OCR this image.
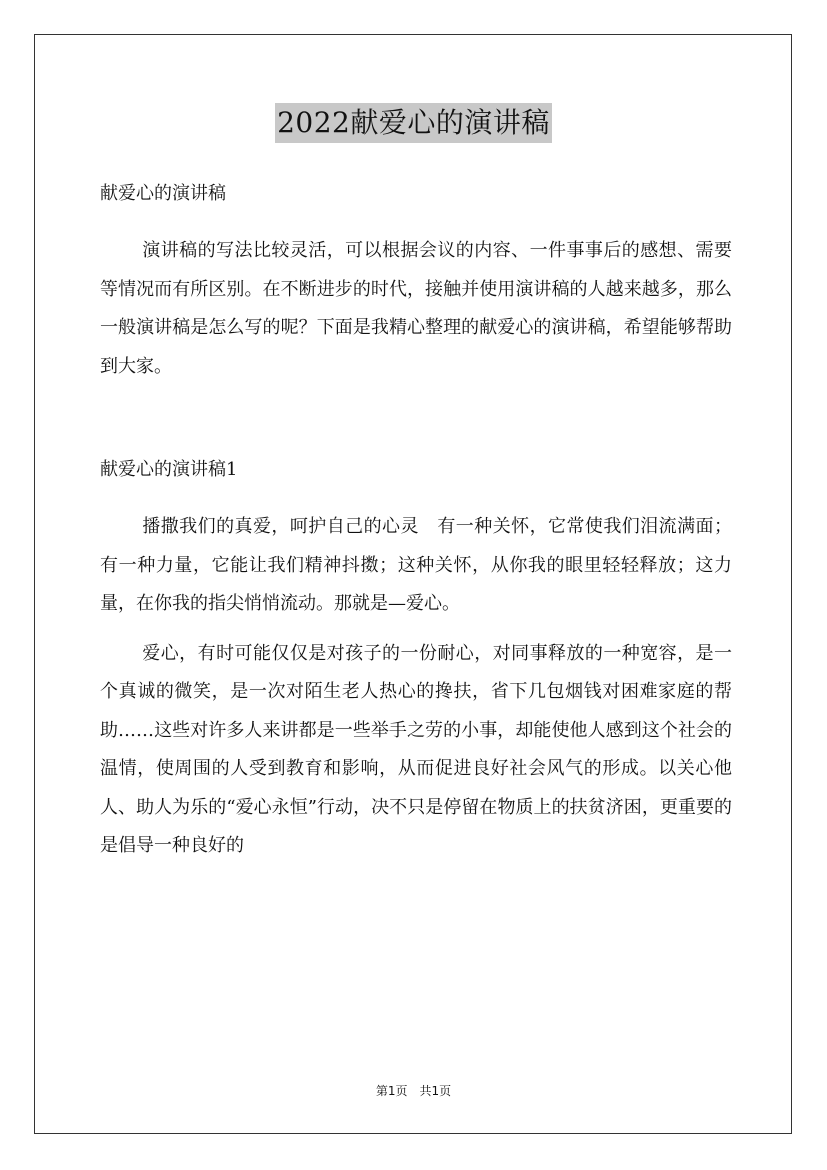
2022献爱心的演讲稿

献爱心的演讲稿

演讲稿的写法比较灵活，可以根据会议的内容、一件事事后的感想、需要等情况而有所区别。在不断进步的时代，接触并使用演讲稿的人越来越多，那么一般演讲稿是怎么写的呢？下面是我精心整理的献爱心的演讲稿，希望能够帮助到大家。

献爱心的演讲稿1

播撒我们的真爱，呵护自己的心灵　有一种关怀，它常使我们泪流满面；有一种力量，它能让我们精神抖擞；这种关怀，从你我的眼里轻轻释放；这力量，在你我的指尖悄悄流动。那就是—爱心。

爱心，有时可能仅仅是对孩子的一份耐心，对同事释放的一种宽容，是一个真诚的微笑，是一次对陌生老人热心的搀扶，省下几包烟钱对困难家庭的帮助……这些对许多人来讲都是一些举手之劳的小事，却能使他人感到这个社会的温情，使周围的人受到教育和影响，从而促进良好社会风气的形成。以关心他人、助人为乐的“爱心永恒”行动，决不只是停留在物质上的扶贫济困，更重要的是倡导一种良好的

第1页　共1页
